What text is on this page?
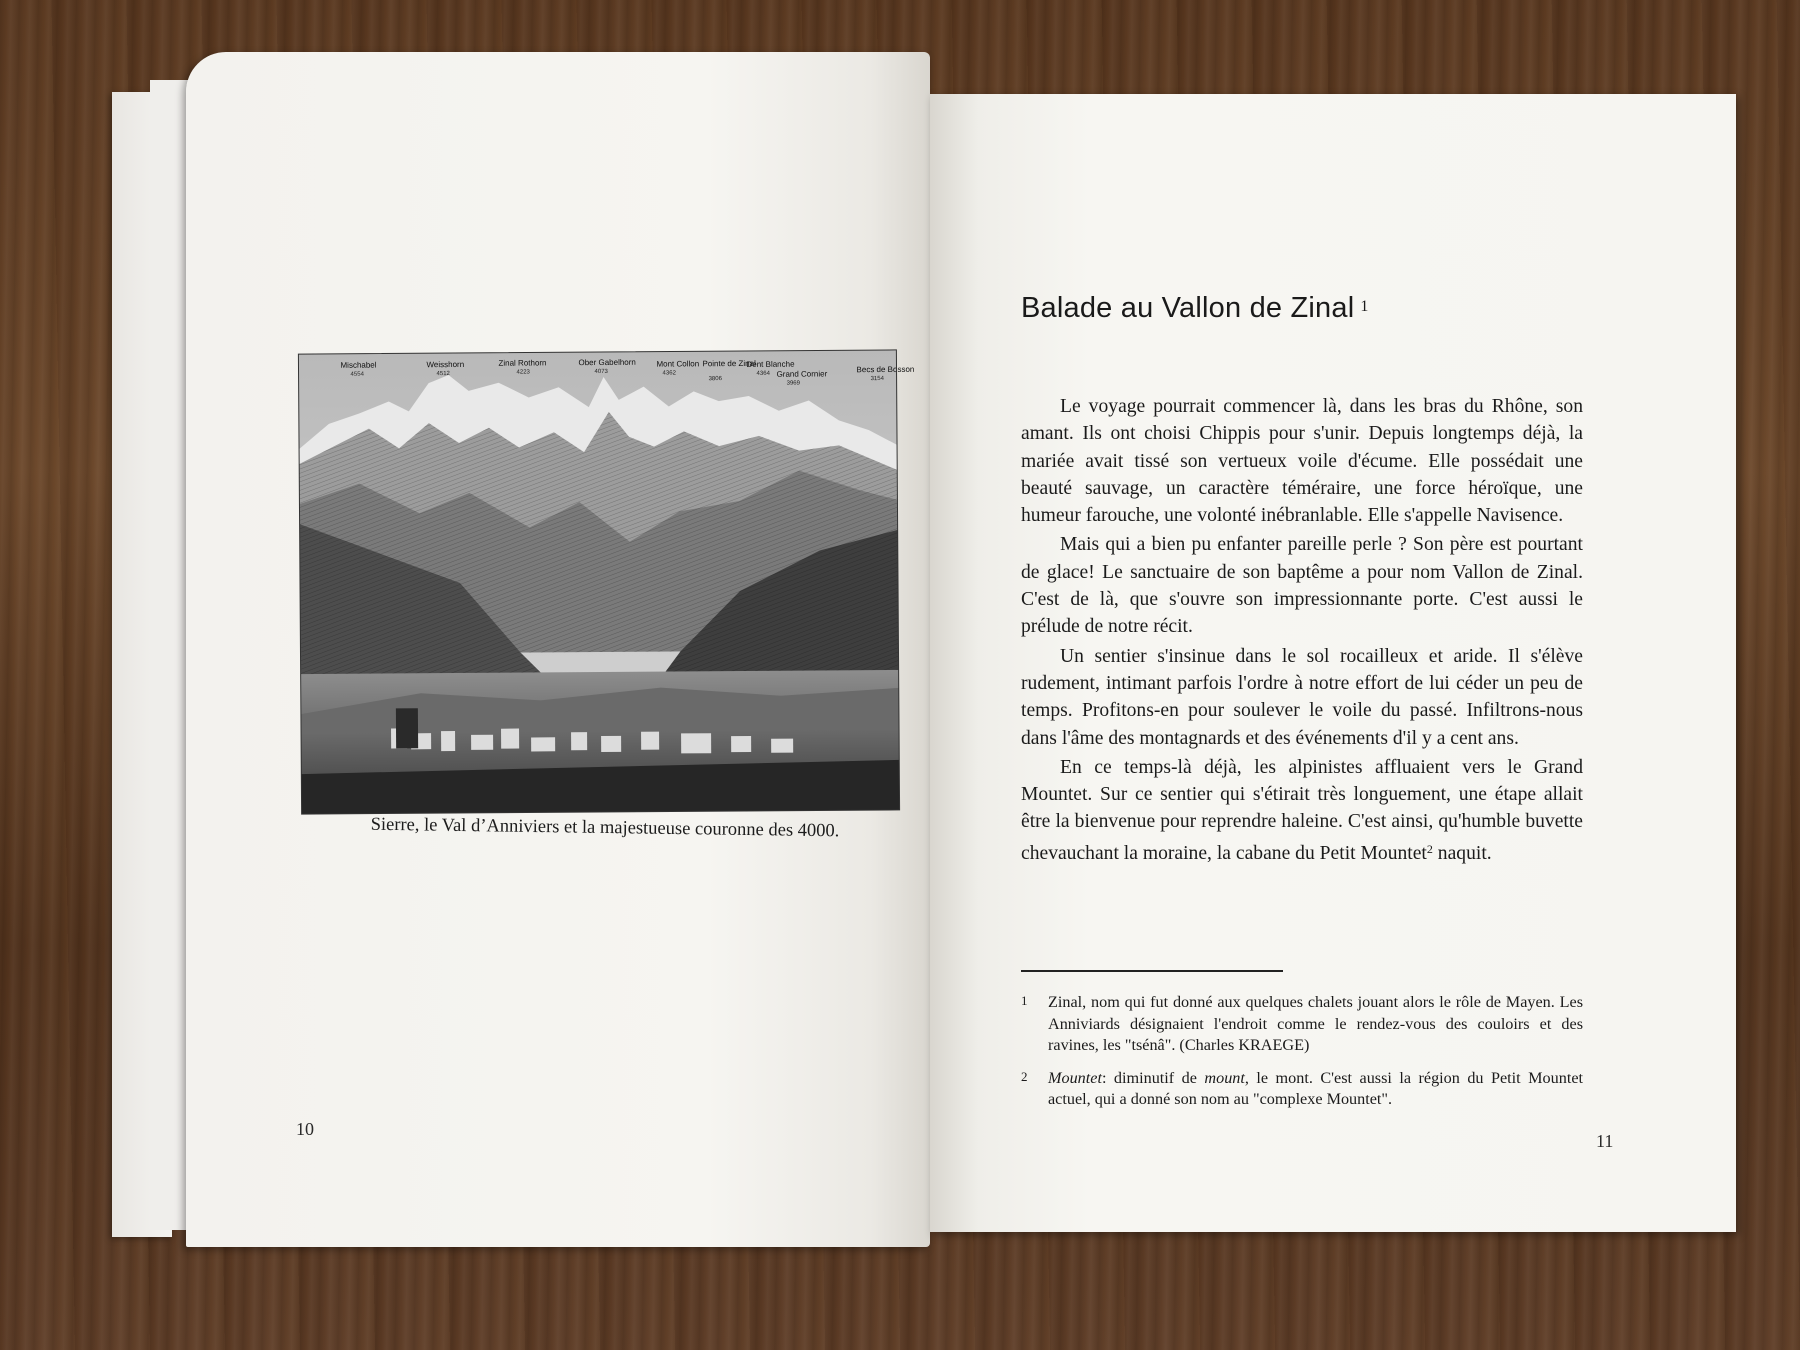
Mischabel	Weisshorn	Zinal Rothorn	Ober Gabelhorn	Mont Collon Pointe de Zinal
Dent Blanche
Grand Cornier	Becs de Bosson
4554	4512	4223	4073	4362
3806
4364
3969
3154
Sierre, le Val d’Anniviers et la majestueuse couronne des 4000.
10
Balade au Vallon de Zinal $^1$

Le voyage pourrait commencer là, dans les bras du Rhône, son amant. Ils ont choisi Chippis pour s'unir. Depuis longtemps déjà, la mariée avait tissé son vertueux voile d'écume. Elle possédait une beauté sauvage, un caractère téméraire, une force héroïque, une humeur farouche, une volonté inébranlable. Elle s'appelle Navisence.

Mais qui a bien pu enfanter pareille perle ? Son père est pourtant de glace! Le sanctuaire de son baptême a pour nom Vallon de Zinal. C'est de là, que s'ouvre son impressionnante porte. C'est aussi le prélude de notre récit.

Un sentier s'insinue dans le sol rocailleux et aride. Il s'élève rudement, intimant parfois l'ordre à notre effort de lui céder un peu de temps. Profitons-en pour soulever le voile du passé. Infiltrons-nous dans l'âme des montagnards et des événements d'il y a cent ans.

En ce temps-là déjà, les alpinistes affluaient vers le Grand Mountet. Sur ce sentier qui s'étirait très longuement, une étape allait être la bienvenue pour reprendre haleine. C'est ainsi, qu'humble buvette chevauchant la moraine, la cabane du Petit Mountet$^2$ naquit.

1 Zinal, nom qui fut donné aux quelques chalets jouant alors le rôle de Mayen. Les Anniviards désignaient l'endroit comme le rendez-vous des couloirs et des ravines, les "tsénâ". (Charles KRAEGE)
2 Mountet: diminutif de mount, le mont. C'est aussi la région du Petit Mountet actuel, qui a donné son nom au "complexe Mountet".
11
